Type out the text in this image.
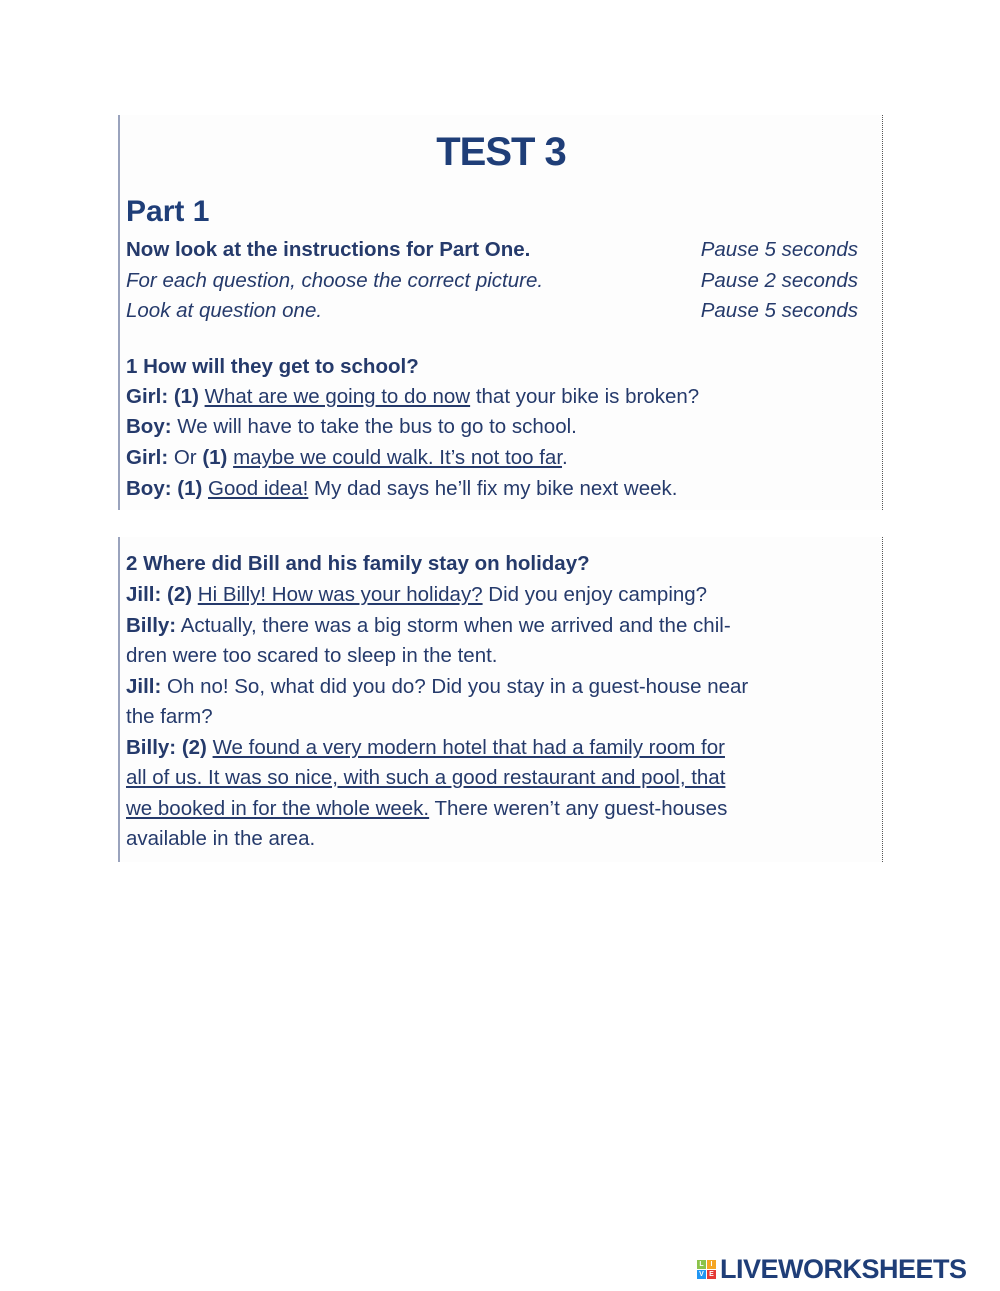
TEST 3
Part 1
Now look at the instructions for Part One.	Pause 5 seconds
For each question, choose the correct picture.	Pause 2 seconds
Look at question one.	Pause 5 seconds
1 How will they get to school?
Girl: (1) What are we going to do now that your bike is broken?
Boy: We will have to take the bus to go to school.
Girl: Or (1) maybe we could walk. It’s not too far.
Boy: (1) Good idea! My dad says he’ll fix my bike next week.
2 Where did Bill and his family stay on holiday?
Jill: (2) Hi Billy! How was your holiday? Did you enjoy camping?
Billy: Actually, there was a big storm when we arrived and the chil-
dren were too scared to sleep in the tent.
Jill: Oh no! So, what did you do? Did you stay in a guest-house near
the farm?
Billy: (2) We found a very modern hotel that had a family room for
all of us. It was so nice, with such a good restaurant and pool, that
we booked in for the whole week. There weren’t any guest-houses
available in the area.
L I
V E LIVEWORKSHEETS
